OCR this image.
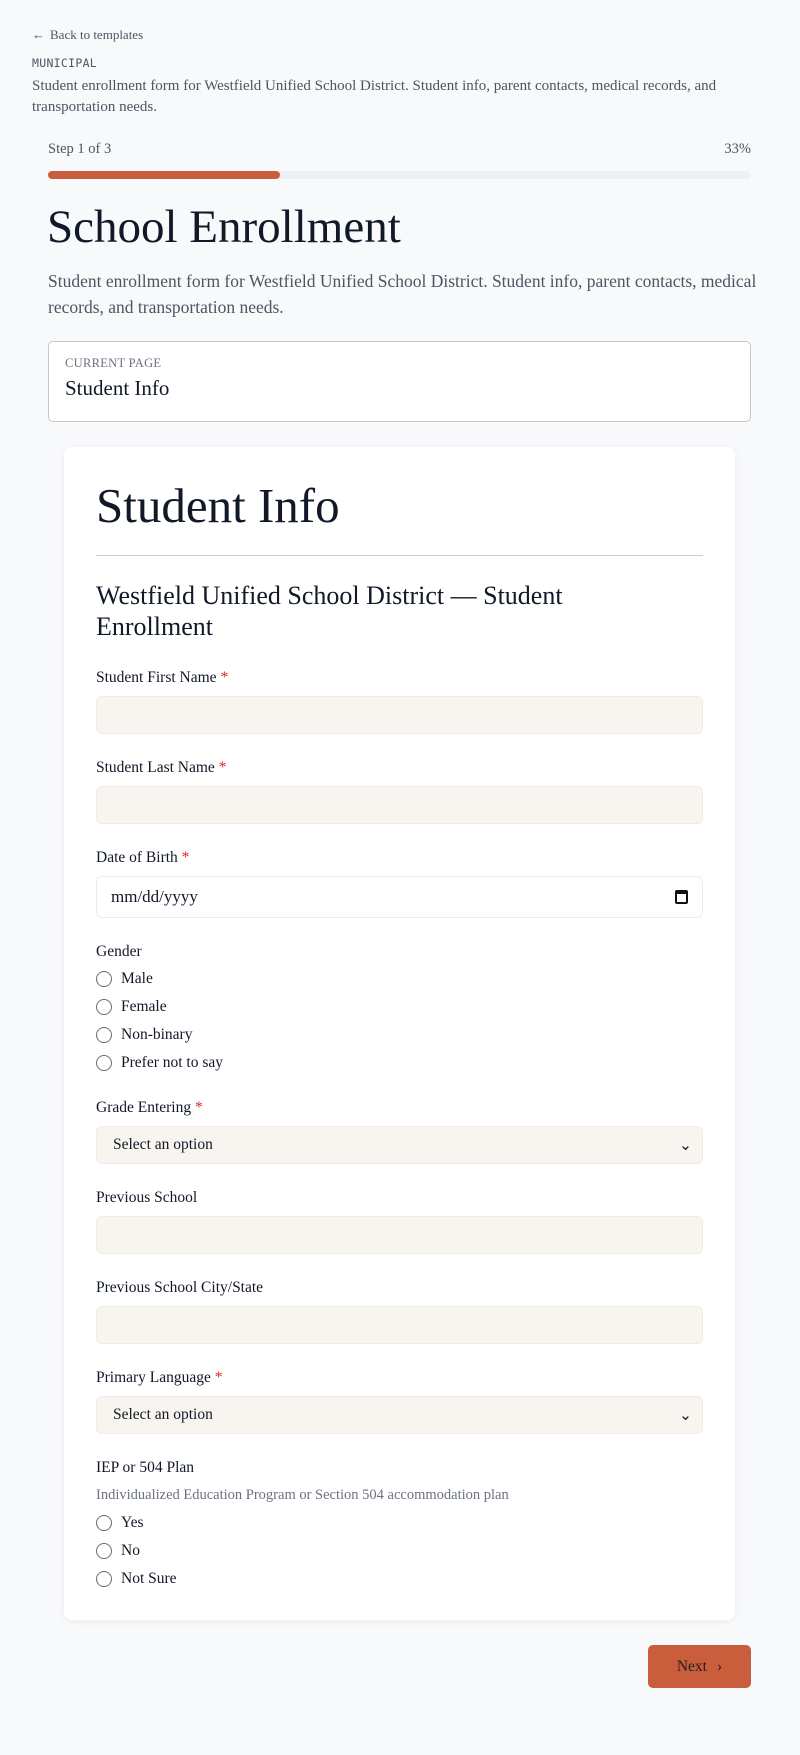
← Back to templates
MUNICIPAL
Student enrollment form for Westfield Unified School District. Student info, parent contacts, medical records, and transportation needs.
Step 1 of 3	33%
School Enrollment
Student enrollment form for Westfield Unified School District. Student info, parent contacts, medical records, and transportation needs.
CURRENT PAGE
Student Info
Student Info
Westfield Unified School District — Student Enrollment
Student First Name *
Student Last Name *
Date of Birth *
mm/dd/yyyy
Gender
Male
Female
Non-binary
Prefer not to say
Grade Entering *
Select an option	⌄
Previous School
Previous School City/State
Primary Language *
Select an option	⌄
IEP or 504 Plan
Individualized Education Program or Section 504 accommodation plan
Yes
No
Not Sure
Next ›
